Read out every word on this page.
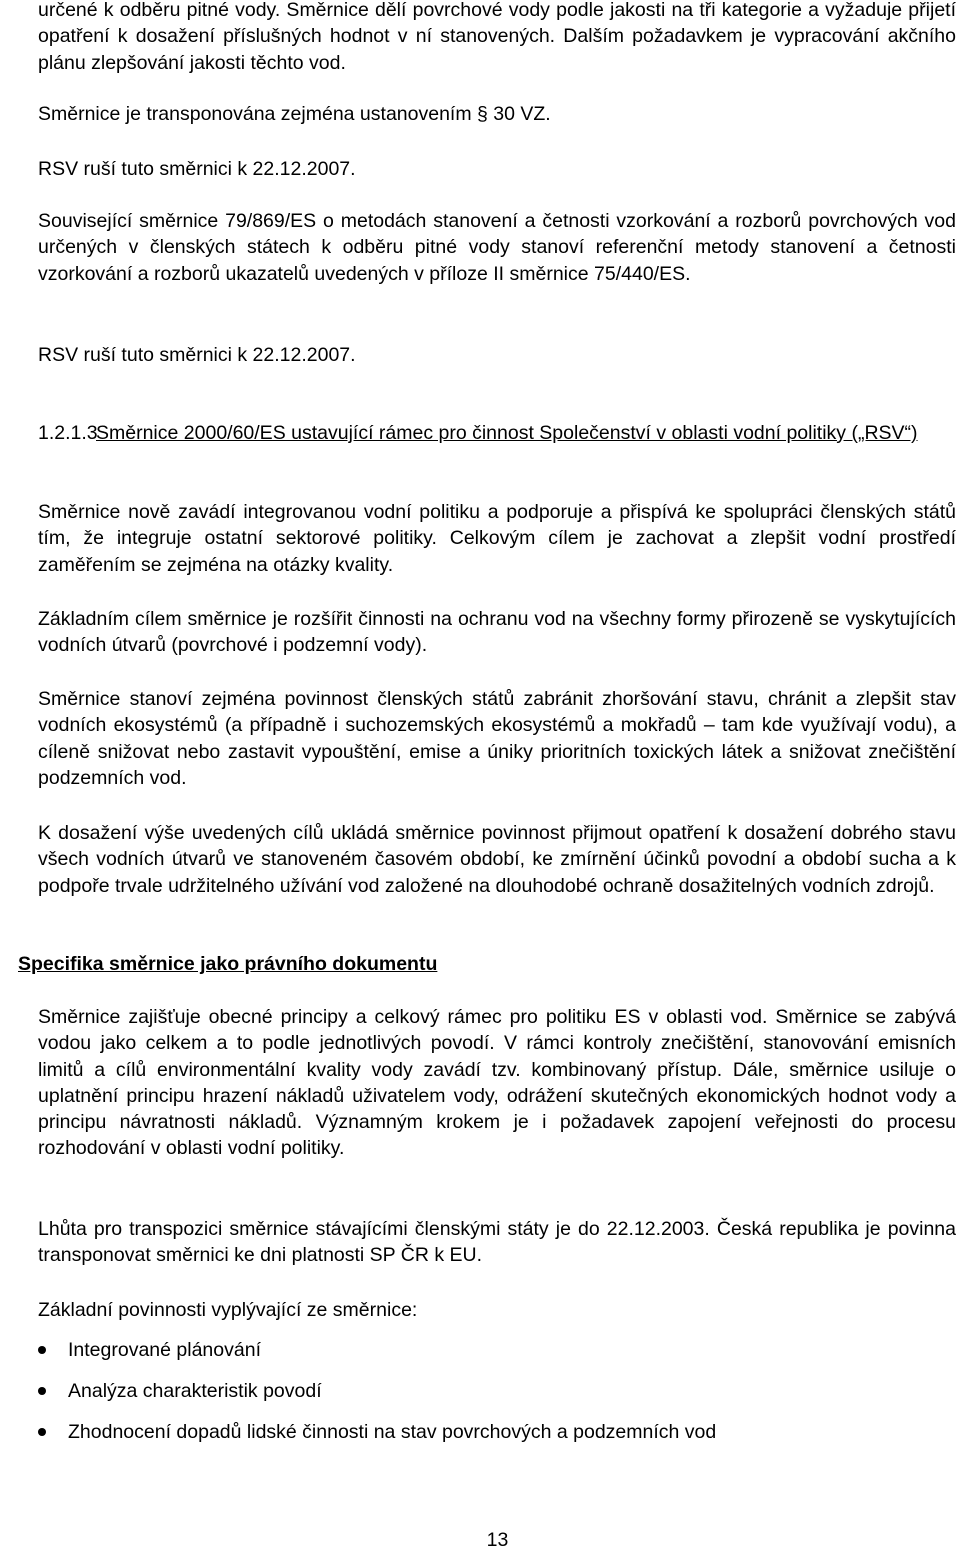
určené k odběru pitné vody. Směrnice dělí povrchové vody podle jakosti na tři kategorie a vyžaduje přijetí opatření k dosažení příslušných hodnot v ní stanovených. Dalším požadavkem je vypracování akčního plánu zlepšování jakosti těchto vod.

Směrnice je transponována zejména ustanovením § 30 VZ.

RSV ruší tuto směrnici k 22.12.2007.

Související směrnice 79/869/ES o metodách stanovení a četnosti vzorkování a rozborů povrchových vod určených v členských státech k odběru pitné vody stanoví referenční metody stanovení a četnosti vzorkování a rozborů ukazatelů uvedených v příloze II směrnice 75/440/ES.

RSV ruší tuto směrnici k 22.12.2007.

1.2.1.3
Směrnice 2000/60/ES ustavující rámec pro činnost Společenství v oblasti vodní politiky („RSV“)

Směrnice nově zavádí integrovanou vodní politiku a podporuje a přispívá ke spolupráci členských států tím, že integruje ostatní sektorové politiky. Celkovým cílem je zachovat a zlepšit vodní prostředí zaměřením se zejména na otázky kvality.

Základním cílem směrnice je rozšířit činnosti na ochranu vod na všechny formy přirozeně se vyskytujících vodních útvarů (povrchové i podzemní vody).

Směrnice stanoví zejména povinnost členských států zabránit zhoršování stavu, chránit a zlepšit stav vodních ekosystémů (a případně i suchozemských ekosystémů a mokřadů – tam kde využívají vodu), a cíleně snižovat nebo zastavit vypouštění, emise a úniky prioritních toxických látek a snižovat znečištění podzemních vod.

K dosažení výše uvedených cílů ukládá směrnice povinnost přijmout opatření k dosažení dobrého stavu všech vodních útvarů ve stanoveném časovém období, ke zmírnění účinků povodní a období sucha a k podpoře trvale udržitelného užívání vod založené na dlouhodobé ochraně dosažitelných vodních zdrojů.

Specifika směrnice jako právního dokumentu

Směrnice zajišťuje obecné principy a celkový rámec pro politiku ES v oblasti vod. Směrnice se zabývá vodou jako celkem a to podle jednotlivých povodí. V rámci kontroly znečištění, stanovování emisních limitů a cílů environmentální kvality vody zavádí tzv. kombinovaný přístup. Dále, směrnice usiluje o uplatnění principu hrazení nákladů uživatelem vody, odrážení skutečných ekonomických hodnot vody a principu návratnosti nákladů. Významným krokem je i požadavek zapojení veřejnosti do procesu rozhodování v oblasti vodní politiky.

Lhůta pro transpozici směrnice stávajícími členskými státy je do 22.12.2003. Česká republika je povinna transponovat směrnici ke dni platnosti SP ČR k EU.

Základní povinnosti vyplývající ze směrnice:

Integrované plánování
Analýza charakteristik povodí
Zhodnocení dopadů lidské činnosti na stav povrchových a podzemních vod
13
